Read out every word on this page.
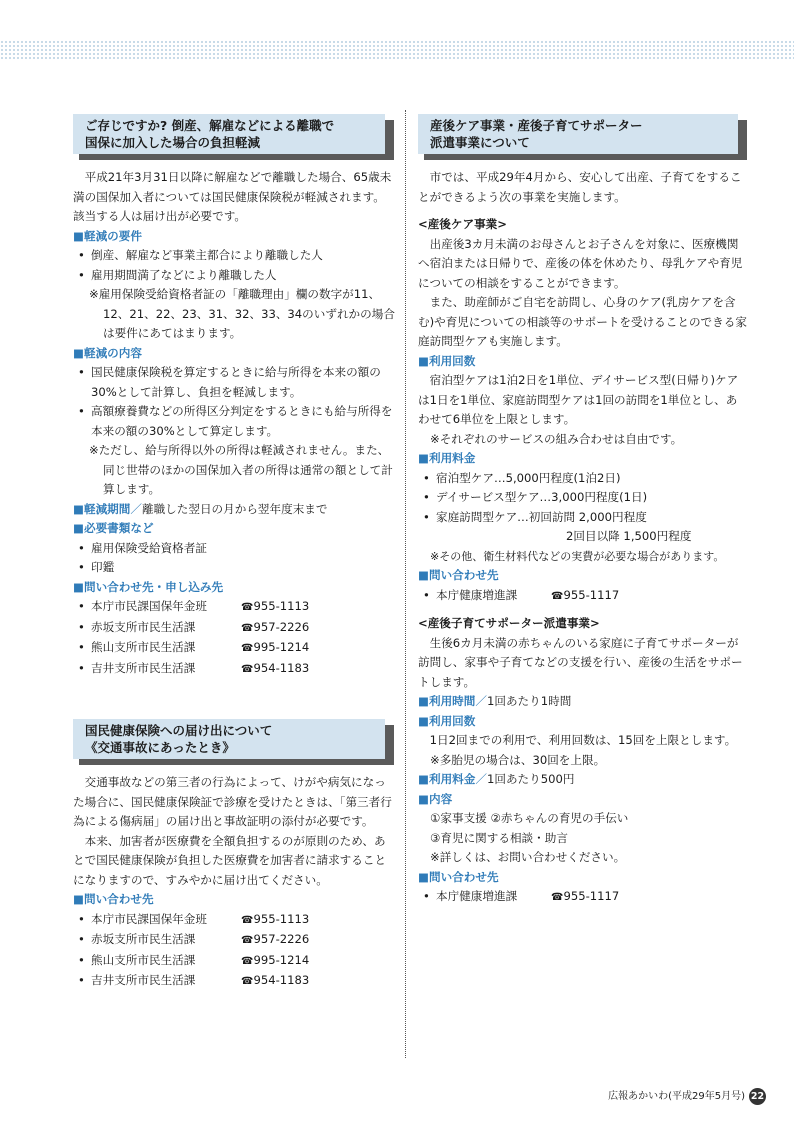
ご存じですか? 倒産、解雇などによる離職で
国保に加入した場合の負担軽減

平成21年3月31日以降に解雇などで離職した場合、65歳未満の国保加入者については国民健康保険税が軽減されます。該当する人は届け出が必要です。

■軽減の要件

• 倒産、解雇など事業主都合により離職した人

• 雇用期間満了などにより離職した人

※雇用保険受給資格者証の「離職理由」欄の数字が11、12、21、22、23、31、32、33、34のいずれかの場合は要件にあてはまります。

■軽減の内容

• 国民健康保険税を算定するときに給与所得を本来の額の30%として計算し、負担を軽減します。

• 高額療養費などの所得区分判定をするときにも給与所得を本来の額の30%として算定します。

※ただし、給与所得以外の所得は軽減されません。また、同じ世帯のほかの国保加入者の所得は通常の額として計算します。

■軽減期間／離職した翌日の月から翌年度末まで

■必要書類など

• 雇用保険受給資格者証

• 印鑑

■問い合わせ先・申し込み先

• 本庁市民課国保年金班	☎955-1113
• 赤坂支所市民生活課	☎957-2226
• 熊山支所市民生活課	☎995-1214
• 吉井支所市民生活課	☎954-1183
国民健康保険への届け出について
《交通事故にあったとき》

交通事故などの第三者の行為によって、けがや病気になった場合に、国民健康保険証で診療を受けたときは、「第三者行為による傷病届」の届け出と事故証明の添付が必要です。

本来、加害者が医療費を全額負担するのが原則のため、あとで国民健康保険が負担した医療費を加害者に請求することになりますので、すみやかに届け出てください。

■問い合わせ先

• 本庁市民課国保年金班	☎955-1113
• 赤坂支所市民生活課	☎957-2226
• 熊山支所市民生活課	☎995-1214
• 吉井支所市民生活課	☎954-1183
産後ケア事業・産後子育てサポーター
派遣事業について

市では、平成29年4月から、安心して出産、子育てをすることができるよう次の事業を実施します。

<産後ケア事業>

出産後3カ月未満のお母さんとお子さんを対象に、医療機関へ宿泊または日帰りで、産後の体を休めたり、母乳ケアや育児についての相談をすることができます。

また、助産師がご自宅を訪問し、心身のケア(乳房ケアを含む)や育児についての相談等のサポートを受けることのできる家庭訪問型ケアも実施します。

■利用回数

宿泊型ケアは1泊2日を1単位、デイサービス型(日帰り)ケアは1日を1単位、家庭訪問型ケアは1回の訪問を1単位とし、あわせて6単位を上限とします。

※それぞれのサービスの組み合わせは自由です。

■利用料金

• 宿泊型ケア…5,000円程度(1泊2日)

• デイサービス型ケア…3,000円程度(1日)

• 家庭訪問型ケア…初回訪問 2,000円程度

2回目以降 1,500円程度

※その他、衛生材料代などの実費が必要な場合があります。

■問い合わせ先

• 本庁健康増進課	☎955-1117

<産後子育てサポーター派遣事業>

生後6カ月未満の赤ちゃんのいる家庭に子育てサポーターが訪問し、家事や子育てなどの支援を行い、産後の生活をサポートします。

■利用時間／1回あたり1時間

■利用回数

1日2回までの利用で、利用回数は、15回を上限とします。

※多胎児の場合は、30回を上限。

■利用料金／1回あたり500円

■内容

①家事支援 ②赤ちゃんの育児の手伝い

③育児に関する相談・助言

※詳しくは、お問い合わせください。

■問い合わせ先

• 本庁健康増進課	☎955-1117
広報あかいわ(平成29年5月号) 22
